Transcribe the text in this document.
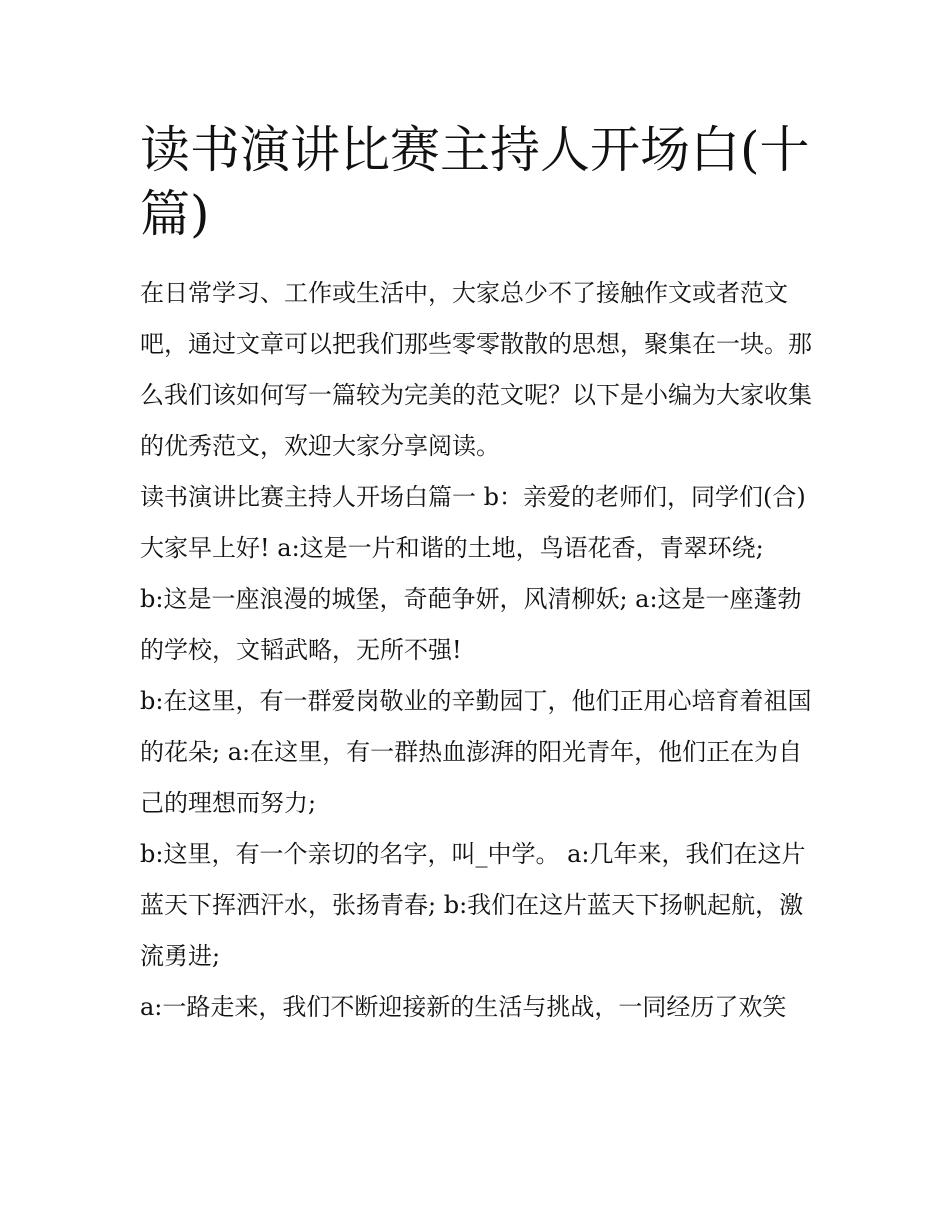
读书演讲比赛主持人开场白(十篇)

在日常学习、工作或生活中，大家总少不了接触作文或者范文吧，通过文章可以把我们那些零零散散的思想，聚集在一块。那么我们该如何写一篇较为完美的范文呢？以下是小编为大家收集的优秀范文，欢迎大家分享阅读。

读书演讲比赛主持人开场白篇一 b：亲爱的老师们，同学们(合)大家早上好! a:这是一片和谐的土地，鸟语花香，青翠环绕;

b:这是一座浪漫的城堡，奇葩争妍，风清柳妖; a:这是一座蓬勃的学校，文韬武略，无所不强!

b:在这里，有一群爱岗敬业的辛勤园丁，他们正用心培育着祖国的花朵; a:在这里，有一群热血澎湃的阳光青年，他们正在为自己的理想而努力;

b:这里，有一个亲切的名字，叫_中学。 a:几年来，我们在这片蓝天下挥洒汗水，张扬青春; b:我们在这片蓝天下扬帆起航，激流勇进;

a:一路走来，我们不断迎接新的生活与挑战，一同经历了欢笑
